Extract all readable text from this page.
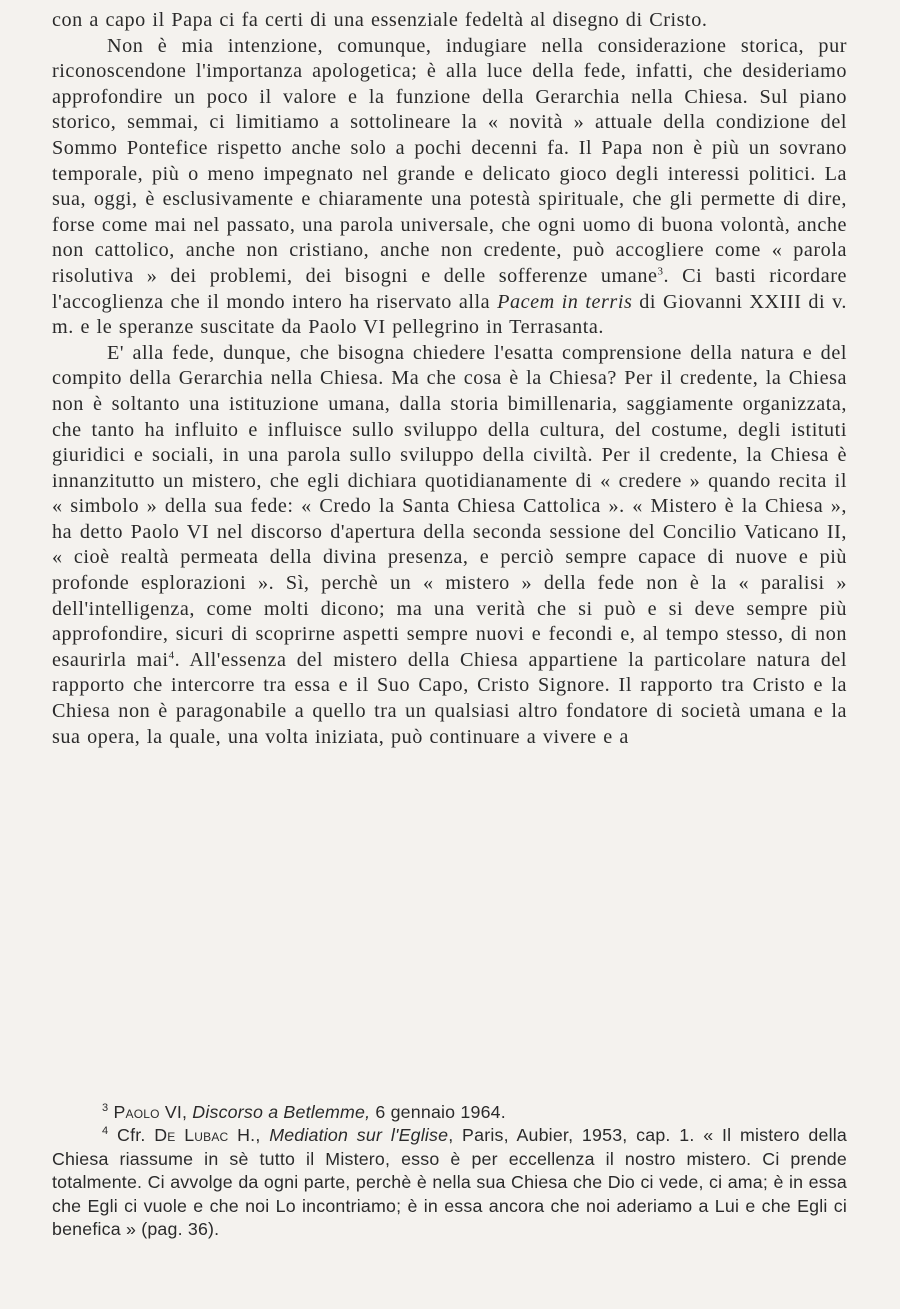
con a capo il Papa ci fa certi di una essenziale fedeltà al disegno di Cristo.

Non è mia intenzione, comunque, indugiare nella considerazione storica, pur riconoscendone l'importanza apologetica; è alla luce della fede, infatti, che desideriamo approfondire un poco il valore e la funzione della Gerarchia nella Chiesa. Sul piano storico, semmai, ci limitiamo a sottolineare la « novità » attuale della condizione del Sommo Pontefice rispetto anche solo a pochi decenni fa. Il Papa non è più un sovrano temporale, più o meno impegnato nel grande e delicato gioco degli interessi politici. La sua, oggi, è esclusivamente e chiaramente una potestà spirituale, che gli permette di dire, forse come mai nel passato, una parola universale, che ogni uomo di buona volontà, anche non cattolico, anche non cristiano, anche non credente, può accogliere come « parola risolutiva » dei problemi, dei bisogni e delle sofferenze umane$^3$. Ci basti ricordare l'accoglienza che il mondo intero ha riservato alla Pacem in terris di Giovanni XXIII di v. m. e le speranze suscitate da Paolo VI pellegrino in Terrasanta.

E' alla fede, dunque, che bisogna chiedere l'esatta comprensione della natura e del compito della Gerarchia nella Chiesa. Ma che cosa è la Chiesa? Per il credente, la Chiesa non è soltanto una istituzione umana, dalla storia bimillenaria, saggiamente organizzata, che tanto ha influito e influisce sullo sviluppo della cultura, del costume, degli istituti giuridici e sociali, in una parola sullo sviluppo della civiltà. Per il credente, la Chiesa è innanzitutto un mistero, che egli dichiara quotidianamente di « credere » quando recita il « simbolo » della sua fede: « Credo la Santa Chiesa Cattolica ». « Mistero è la Chiesa », ha detto Paolo VI nel discorso d'apertura della seconda sessione del Concilio Vaticano II, « cioè realtà permeata della divina presenza, e perciò sempre capace di nuove e più profonde esplorazioni ». Sì, perchè un « mistero » della fede non è la « paralisi » dell'intelligenza, come molti dicono; ma una verità che si può e si deve sempre più approfondire, sicuri di scoprirne aspetti sempre nuovi e fecondi e, al tempo stesso, di non esaurirla mai$^4$. All'essenza del mistero della Chiesa appartiene la particolare natura del rapporto che intercorre tra essa e il Suo Capo, Cristo Signore. Il rapporto tra Cristo e la Chiesa non è paragonabile a quello tra un qualsiasi altro fondatore di società umana e la sua opera, la quale, una volta iniziata, può continuare a vivere e a

$^3$ Paolo VI, Discorso a Betlemme, 6 gennaio 1964.

$^4$ Cfr. De Lubac H., Mediation sur l'Eglise, Paris, Aubier, 1953, cap. 1. « Il mistero della Chiesa riassume in sè tutto il Mistero, esso è per eccellenza il nostro mistero. Ci prende totalmente. Ci avvolge da ogni parte, perchè è nella sua Chiesa che Dio ci vede, ci ama; è in essa che Egli ci vuole e che noi Lo incontriamo; è in essa ancora che noi aderiamo a Lui e che Egli ci benefica » (pag. 36).
